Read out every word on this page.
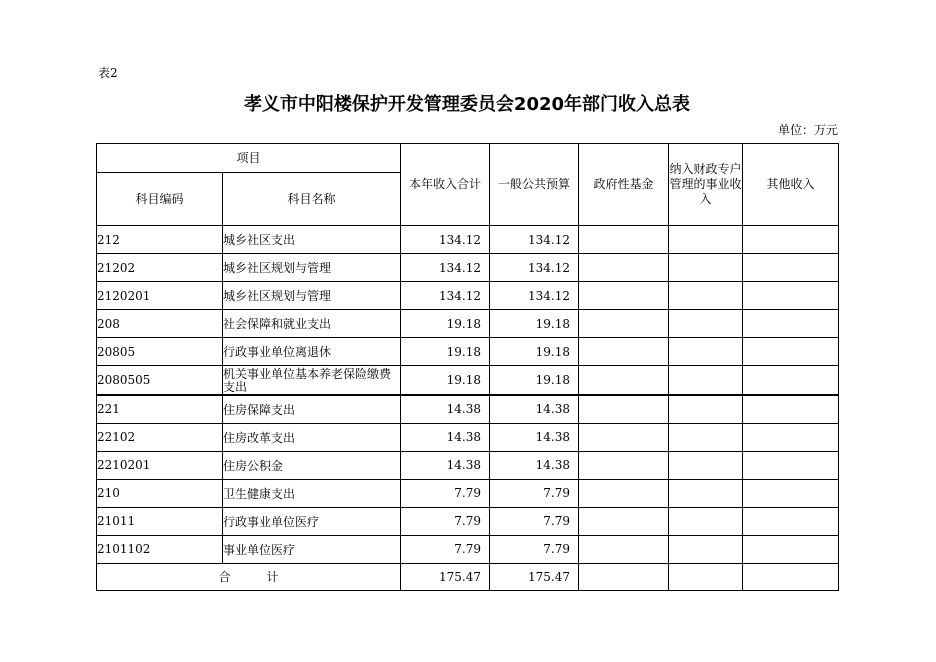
表2
孝义市中阳楼保护开发管理委员会2020年部门收入总表
单位：万元
项目		本年收入合计	一般公共预算	政府性基金	纳入财政专户管理的事业收入	其他收入
科目编码	科目名称					
212	城乡社区支出	134.12	134.12			
21202	城乡社区规划与管理	134.12	134.12			
2120201	城乡社区规划与管理	134.12	134.12			
208	社会保障和就业支出	19.18	19.18			
20805	行政事业单位离退休	19.18	19.18			
2080505	机关事业单位基本养老保险缴费支出	19.18	19.18			
221	住房保障支出	14.38	14.38			
22102	住房改革支出	14.38	14.38			
2210201	住房公积金	14.38	14.38			
210	卫生健康支出	7.79	7.79			
21011	行政事业单位医疗	7.79	7.79			
2101102	事业单位医疗	7.79	7.79			
合　　　计		175.47	175.47			
